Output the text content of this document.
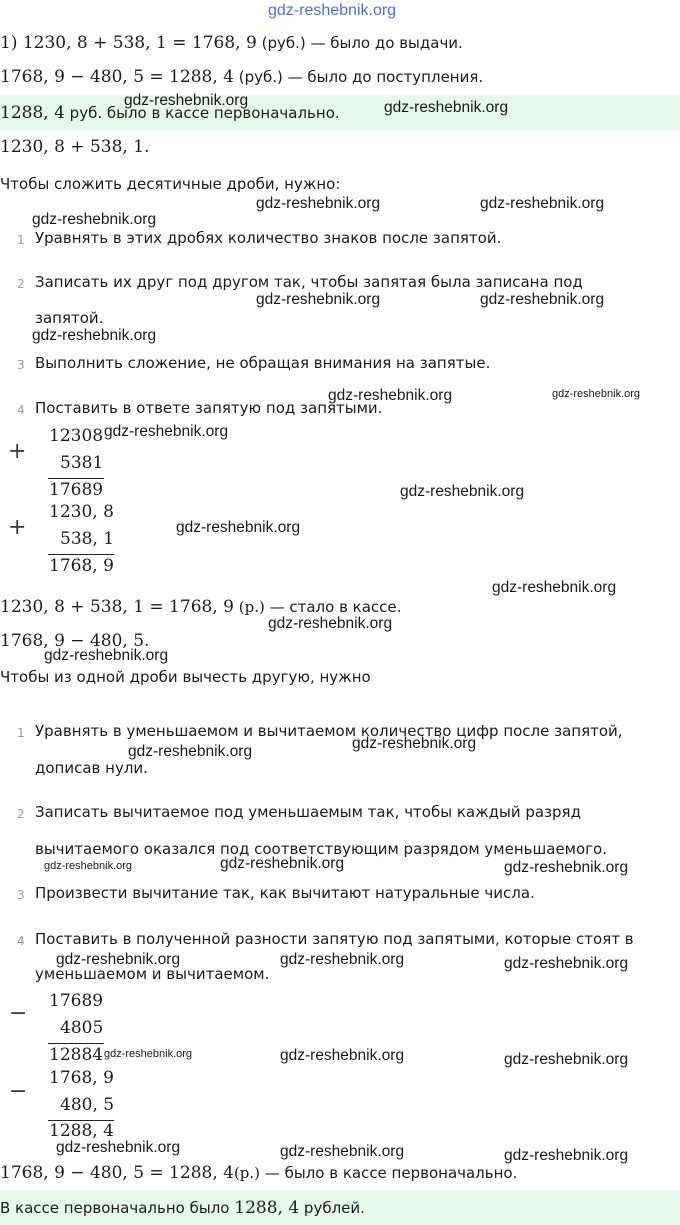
gdz-reshebnik.org
1) 1230, 8 + 538, 1 = 1768, 9 (руб.) — было до выдачи.
1768, 9 − 480, 5 = 1288, 4 (руб.) — было до поступления.
1288, 4 руб. было в кассе первоначально.
gdz-reshebnik.org	gdz-reshebnik.org
1230, 8 + 538, 1.
Чтобы сложить десятичные дроби, нужно:
gdz-reshebnik.org	gdz-reshebnik.org
gdz-reshebnik.org
1 Уравнять в этих дробях количество знаков после запятой.
2 Записать их друг под другом так, чтобы запятая была записана под
запятой.
gdz-reshebnik.org	gdz-reshebnik.org
gdz-reshebnik.org
3 Выполнить сложение, не обращая внимания на запятые.
gdz-reshebnik.org	gdz-reshebnik.org
4 Поставить в ответе запятую под запятыми.
+
12308
5381
17689
gdz-reshebnik.org
gdz-reshebnik.org
+
1230, 8
538, 1
1768, 9
gdz-reshebnik.org
gdz-reshebnik.org
1230, 8 + 538, 1 = 1768, 9 (р.) — стало в кассе.
gdz-reshebnik.org
1768, 9 − 480, 5.
gdz-reshebnik.org
Чтобы из одной дроби вычесть другую, нужно
1 Уравнять в уменьшаемом и вычитаемом количество цифр после запятой,
gdz-reshebnik.org
gdz-reshebnik.org
дописав нули.
2 Записать вычитаемое под уменьшаемым так, чтобы каждый разряд
вычитаемого оказался под соответствующим разрядом уменьшаемого.
gdz-reshebnik.org	gdz-reshebnik.org	gdz-reshebnik.org
3 Произвести вычитание так, как вычитают натуральные числа.
4 Поставить в полученной разности запятую под запятыми, которые стоят в
gdz-reshebnik.org	gdz-reshebnik.org	gdz-reshebnik.org
уменьшаемом и вычитаемом.
− 17689
4805
12884 gdz-reshebnik.org	gdz-reshebnik.org	gdz-reshebnik.org
−
1768, 9
480, 5
1288, 4
gdz-reshebnik.org	gdz-reshebnik.org	gdz-reshebnik.org
1768, 9 − 480, 5 = 1288, 4(р.) — было в кассе первоначально.
В кассе первоначально было 1288, 4 рублей.
